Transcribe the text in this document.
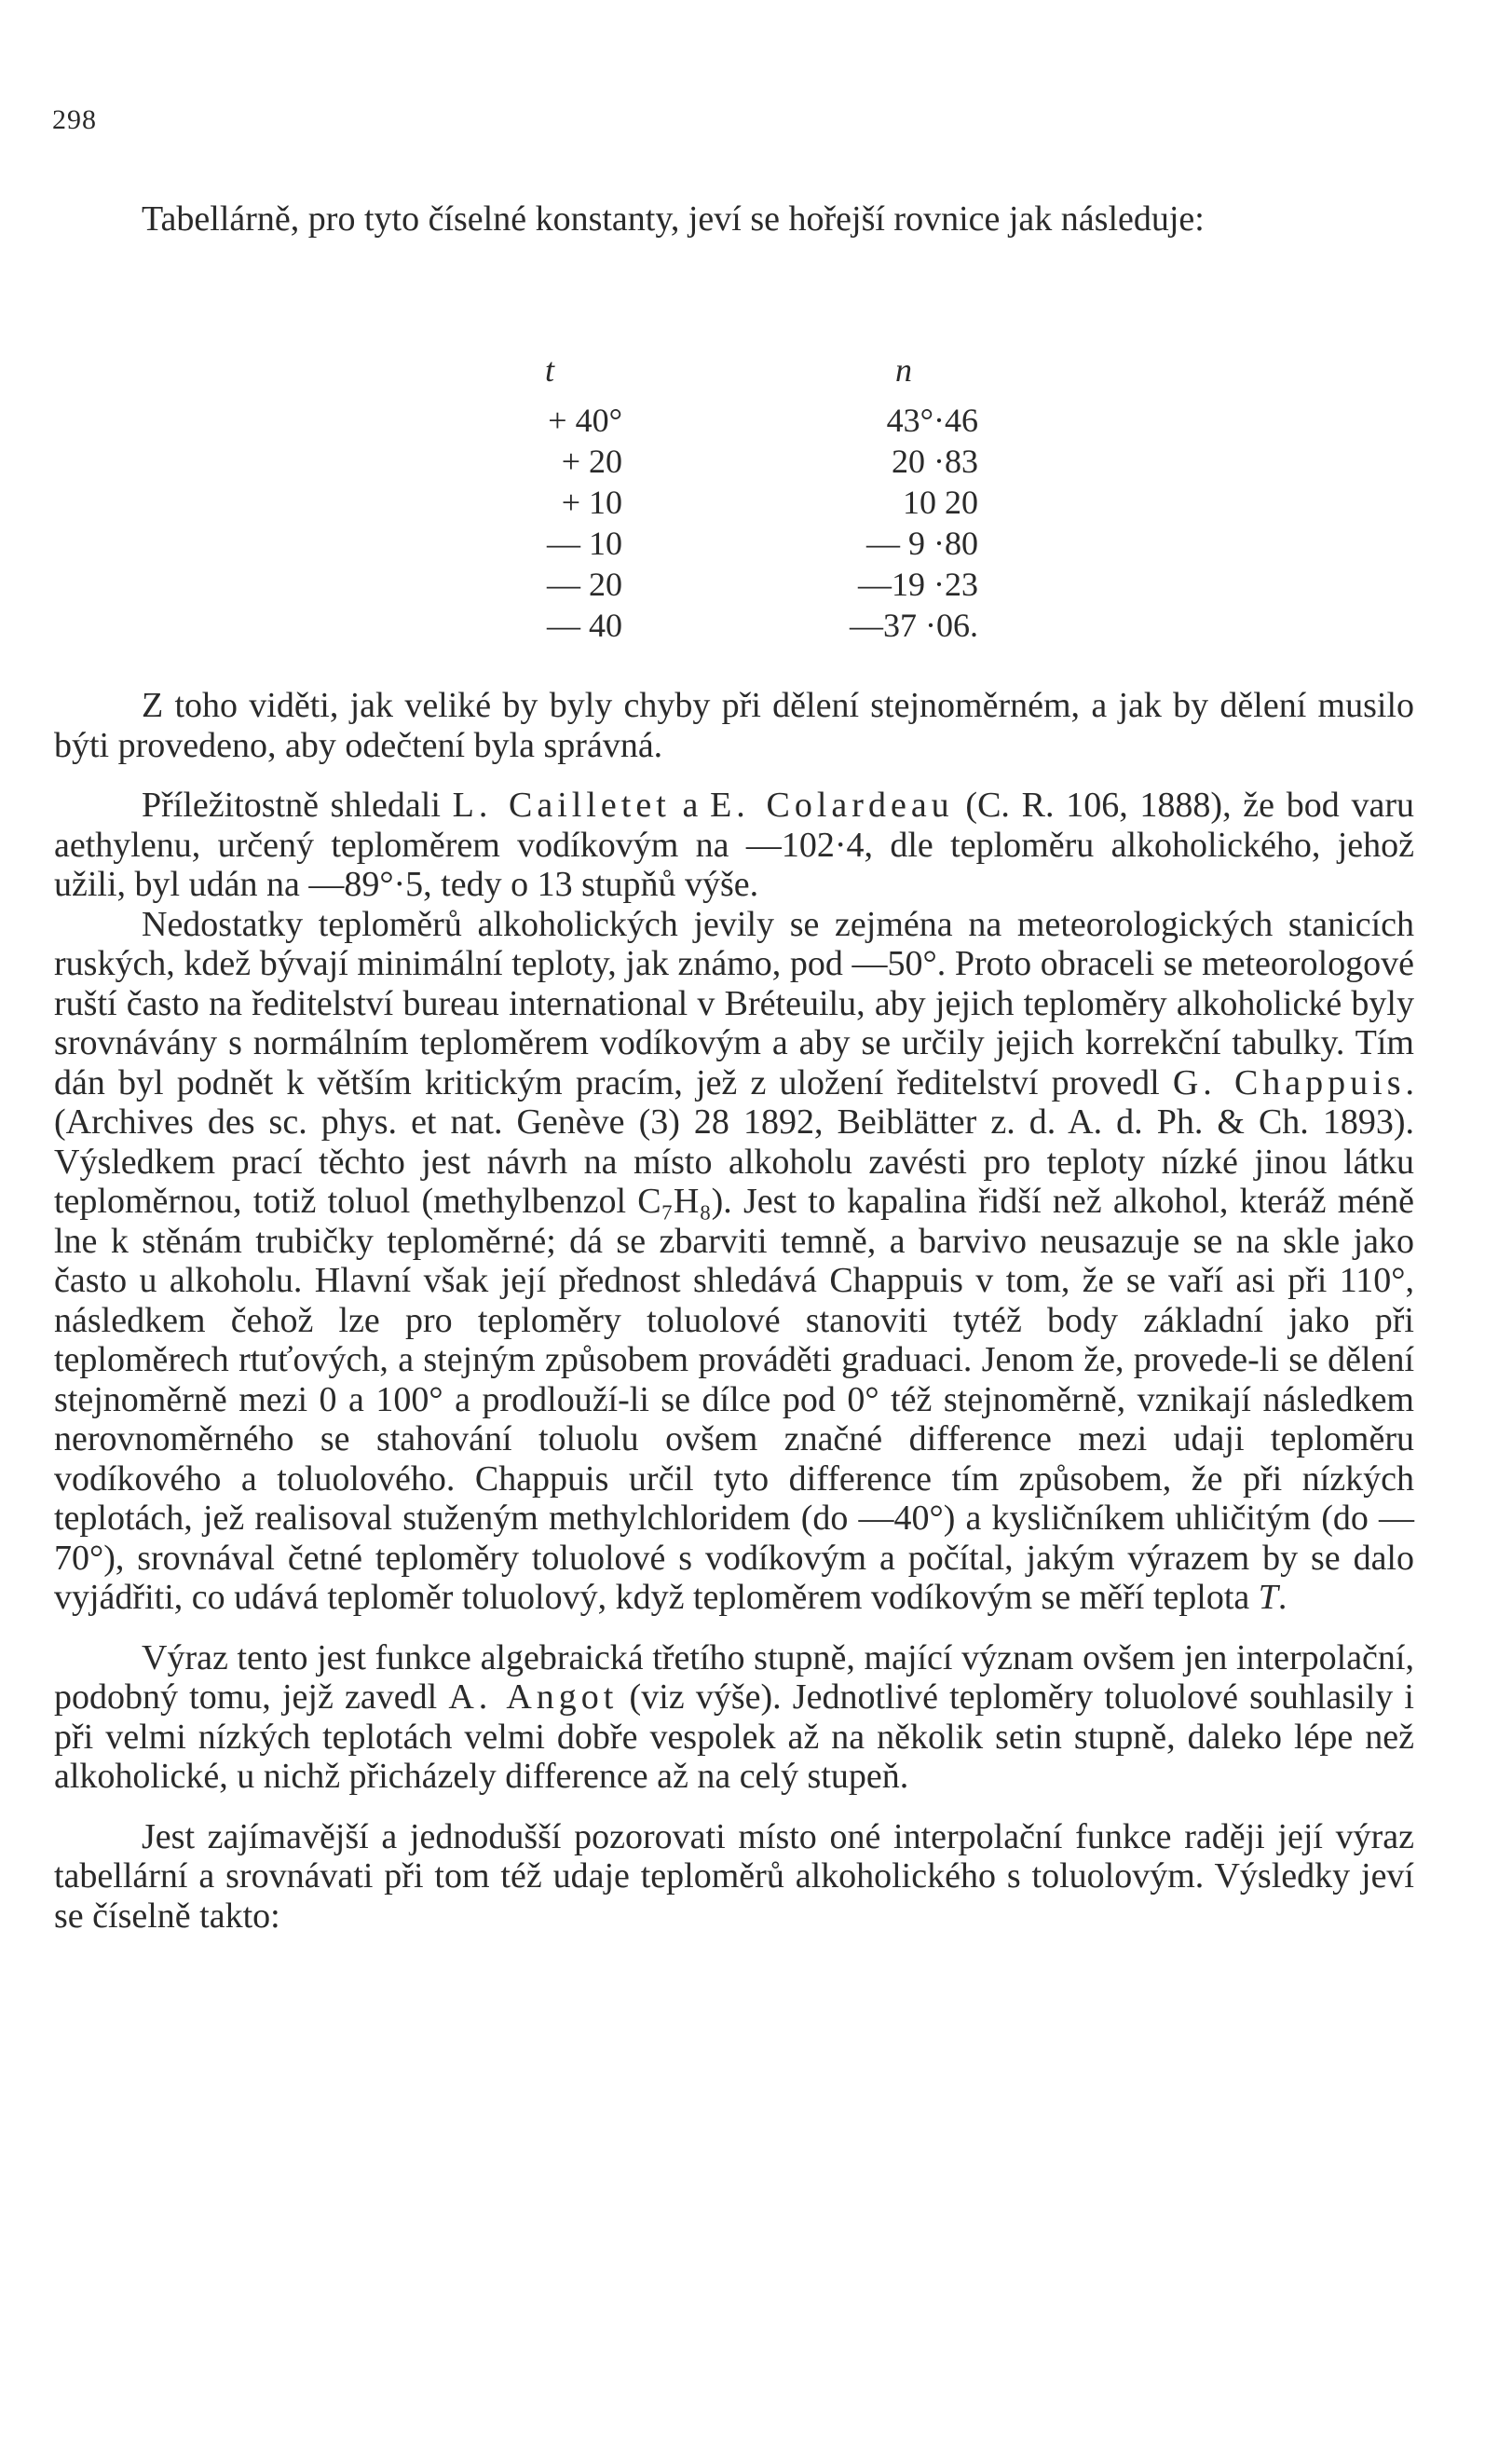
298

Tabellárně, pro tyto číselné konstanty, jeví se hořejší rovnice jak následuje:

t	n
+ 40°	43°·46
+ 20	20 ·83
+ 10	10 20
— 10	— 9 ·80
— 20	—19 ·23
— 40	—37 ·06.

Z toho viděti, jak veliké by byly chyby při dělení stejnoměrném, a jak by dělení musilo býti provedeno, aby odečtení byla správná.

Příležitostně shledali L. Cailletet a E. Colardeau (C. R. 106, 1888), že bod varu aethylenu, určený teploměrem vodíkovým na —102·4, dle teploměru alkoholického, jehož užili, byl udán na —89°·5, tedy o 13 stupňů výše.

Nedostatky teploměrů alkoholických jevily se zejména na meteorologických stanicích ruských, kdež bývají minimální teploty, jak známo, pod —50°. Proto obraceli se meteorologové ruští často na ředitelství bureau international v Bréteuilu, aby jejich teploměry alkoholické byly srovnávány s normálním teploměrem vodíkovým a aby se určily jejich korrekční tabulky. Tím dán byl podnět k větším kritickým pracím, jež z uložení ředitelství provedl G. Chappuis. (Archives des sc. phys. et nat. Genève (3) 28 1892, Beiblätter z. d. A. d. Ph. & Ch. 1893). Výsledkem prací těchto jest návrh na místo alkoholu zavésti pro teploty nízké jinou látku teploměrnou, totiž toluol (methylbenzol C₇H₈). Jest to kapalina řidší než alkohol, kteráž méně lne k stěnám trubičky teploměrné; dá se zbarviti temně, a barvivo neusazuje se na skle jako často u alkoholu. Hlavní však její přednost shledává Chappuis v tom, že se vaří asi při 110°, následkem čehož lze pro teploměry toluolové stanoviti tytéž body základní jako při teploměrech rtuťových, a stejným způsobem prováděti graduaci. Jenom že, provede-li se dělení stejnoměrně mezi 0 a 100° a prodlouží-li se dílce pod 0° též stejnoměrně, vznikají následkem nerovnoměrného se stahování toluolu ovšem značné difference mezi udaji teploměru vodíkového a toluolového. Chappuis určil tyto difference tím způsobem, že při nízkých teplotách, jež realisoval stuženým methylchloridem (do —40°) a kysličníkem uhličitým (do —70°), srovnával četné teploměry toluolové s vodíkovým a počítal, jakým výrazem by se dalo vyjádřiti, co udává teploměr toluolový, když teploměrem vodíkovým se měří teplota T.

Výraz tento jest funkce algebraická třetího stupně, mající význam ovšem jen interpolační, podobný tomu, jejž zavedl A. Angot (viz výše). Jednotlivé teploměry toluolové souhlasily i při velmi nízkých teplotách velmi dobře vespolek až na několik setin stupně, daleko lépe než alkoholické, u nichž přicházely difference až na celý stupeň.

Jest zajímavější a jednodušší pozorovati místo oné interpolační funkce raději její výraz tabellární a srovnávati při tom též udaje teploměrů alkoholického s toluolovým. Výsledky jeví se číselně takto:
